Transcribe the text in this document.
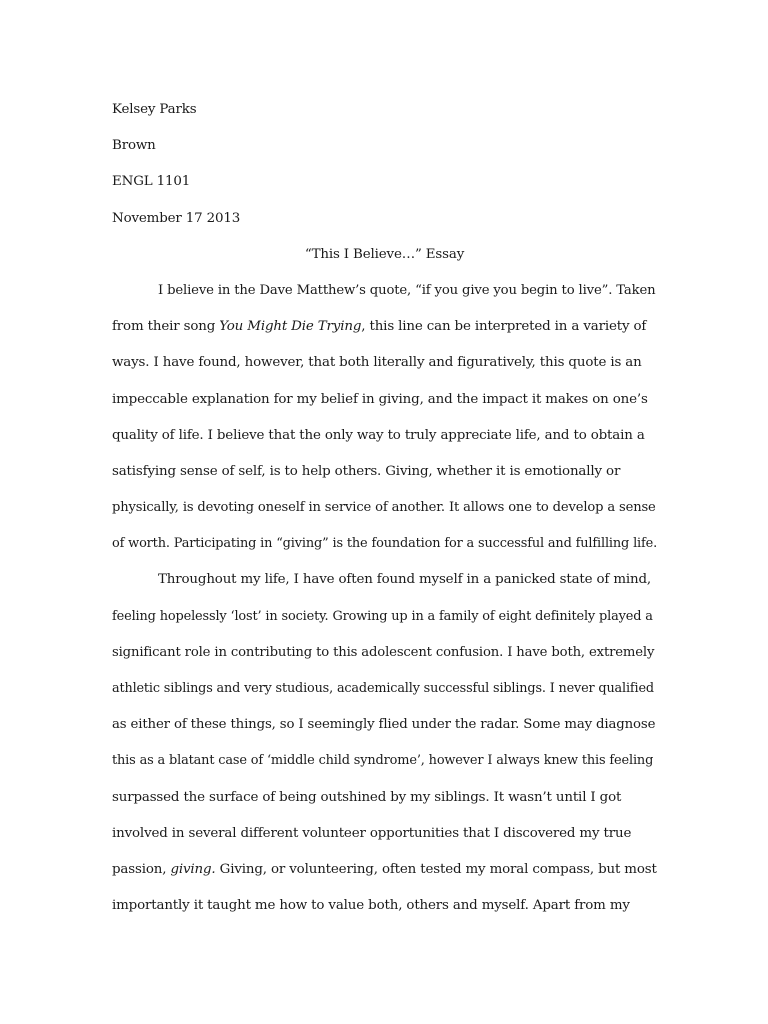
Kelsey Parks
Brown
ENGL 1101
November 17 2013
“This I Believe…” Essay
I believe in the Dave Matthew’s quote, “if you give you begin to live”. Taken
from their song You Might Die Trying, this line can be interpreted in a variety of
ways. I have found, however, that both literally and figuratively, this quote is an
impeccable explanation for my belief in giving, and the impact it makes on one’s
quality of life. I believe that the only way to truly appreciate life, and to obtain a
satisfying sense of self, is to help others. Giving, whether it is emotionally or
physically, is devoting oneself in service of another. It allows one to develop a sense
of worth. Participating in “giving” is the foundation for a successful and fulfilling life.
Throughout my life, I have often found myself in a panicked state of mind,
feeling hopelessly ‘lost’ in society. Growing up in a family of eight definitely played a
significant role in contributing to this adolescent confusion. I have both, extremely
athletic siblings and very studious, academically successful siblings. I never qualified
as either of these things, so I seemingly flied under the radar. Some may diagnose
this as a blatant case of ‘middle child syndrome’, however I always knew this feeling
surpassed the surface of being outshined by my siblings. It wasn’t until I got
involved in several different volunteer opportunities that I discovered my true
passion, giving. Giving, or volunteering, often tested my moral compass, but most
importantly it taught me how to value both, others and myself. Apart from my
